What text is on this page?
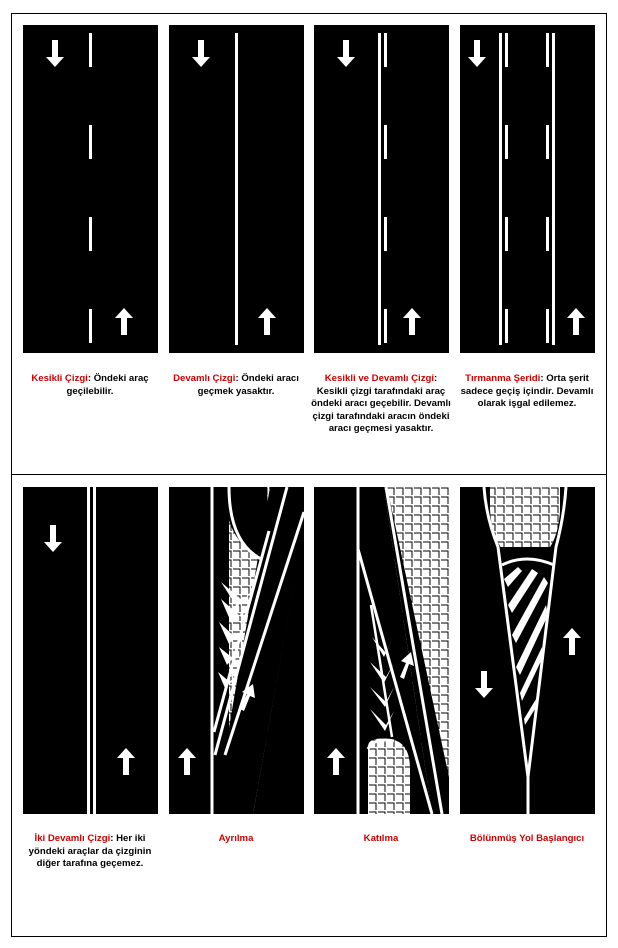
Kesikli Çizgi: Öndeki araç geçilebilir.
Devamlı Çizgi: Öndeki aracı geçmek yasaktır.
Kesikli ve Devamlı Çizgi: Kesikli çizgi tarafındaki araç öndeki aracı geçebilir. Devamlı çizgi tarafındaki aracın öndeki aracı geçmesi yasaktır.
Tırmanma Şeridi: Orta şerit sadece geçiş içindir. Devamlı olarak işgal edilemez.
İki Devamlı Çizgi: Her iki yöndeki araçlar da çizginin diğer tarafına geçemez.
Ayrılma	Katılma	Bölünmüş Yol Başlangıcı
